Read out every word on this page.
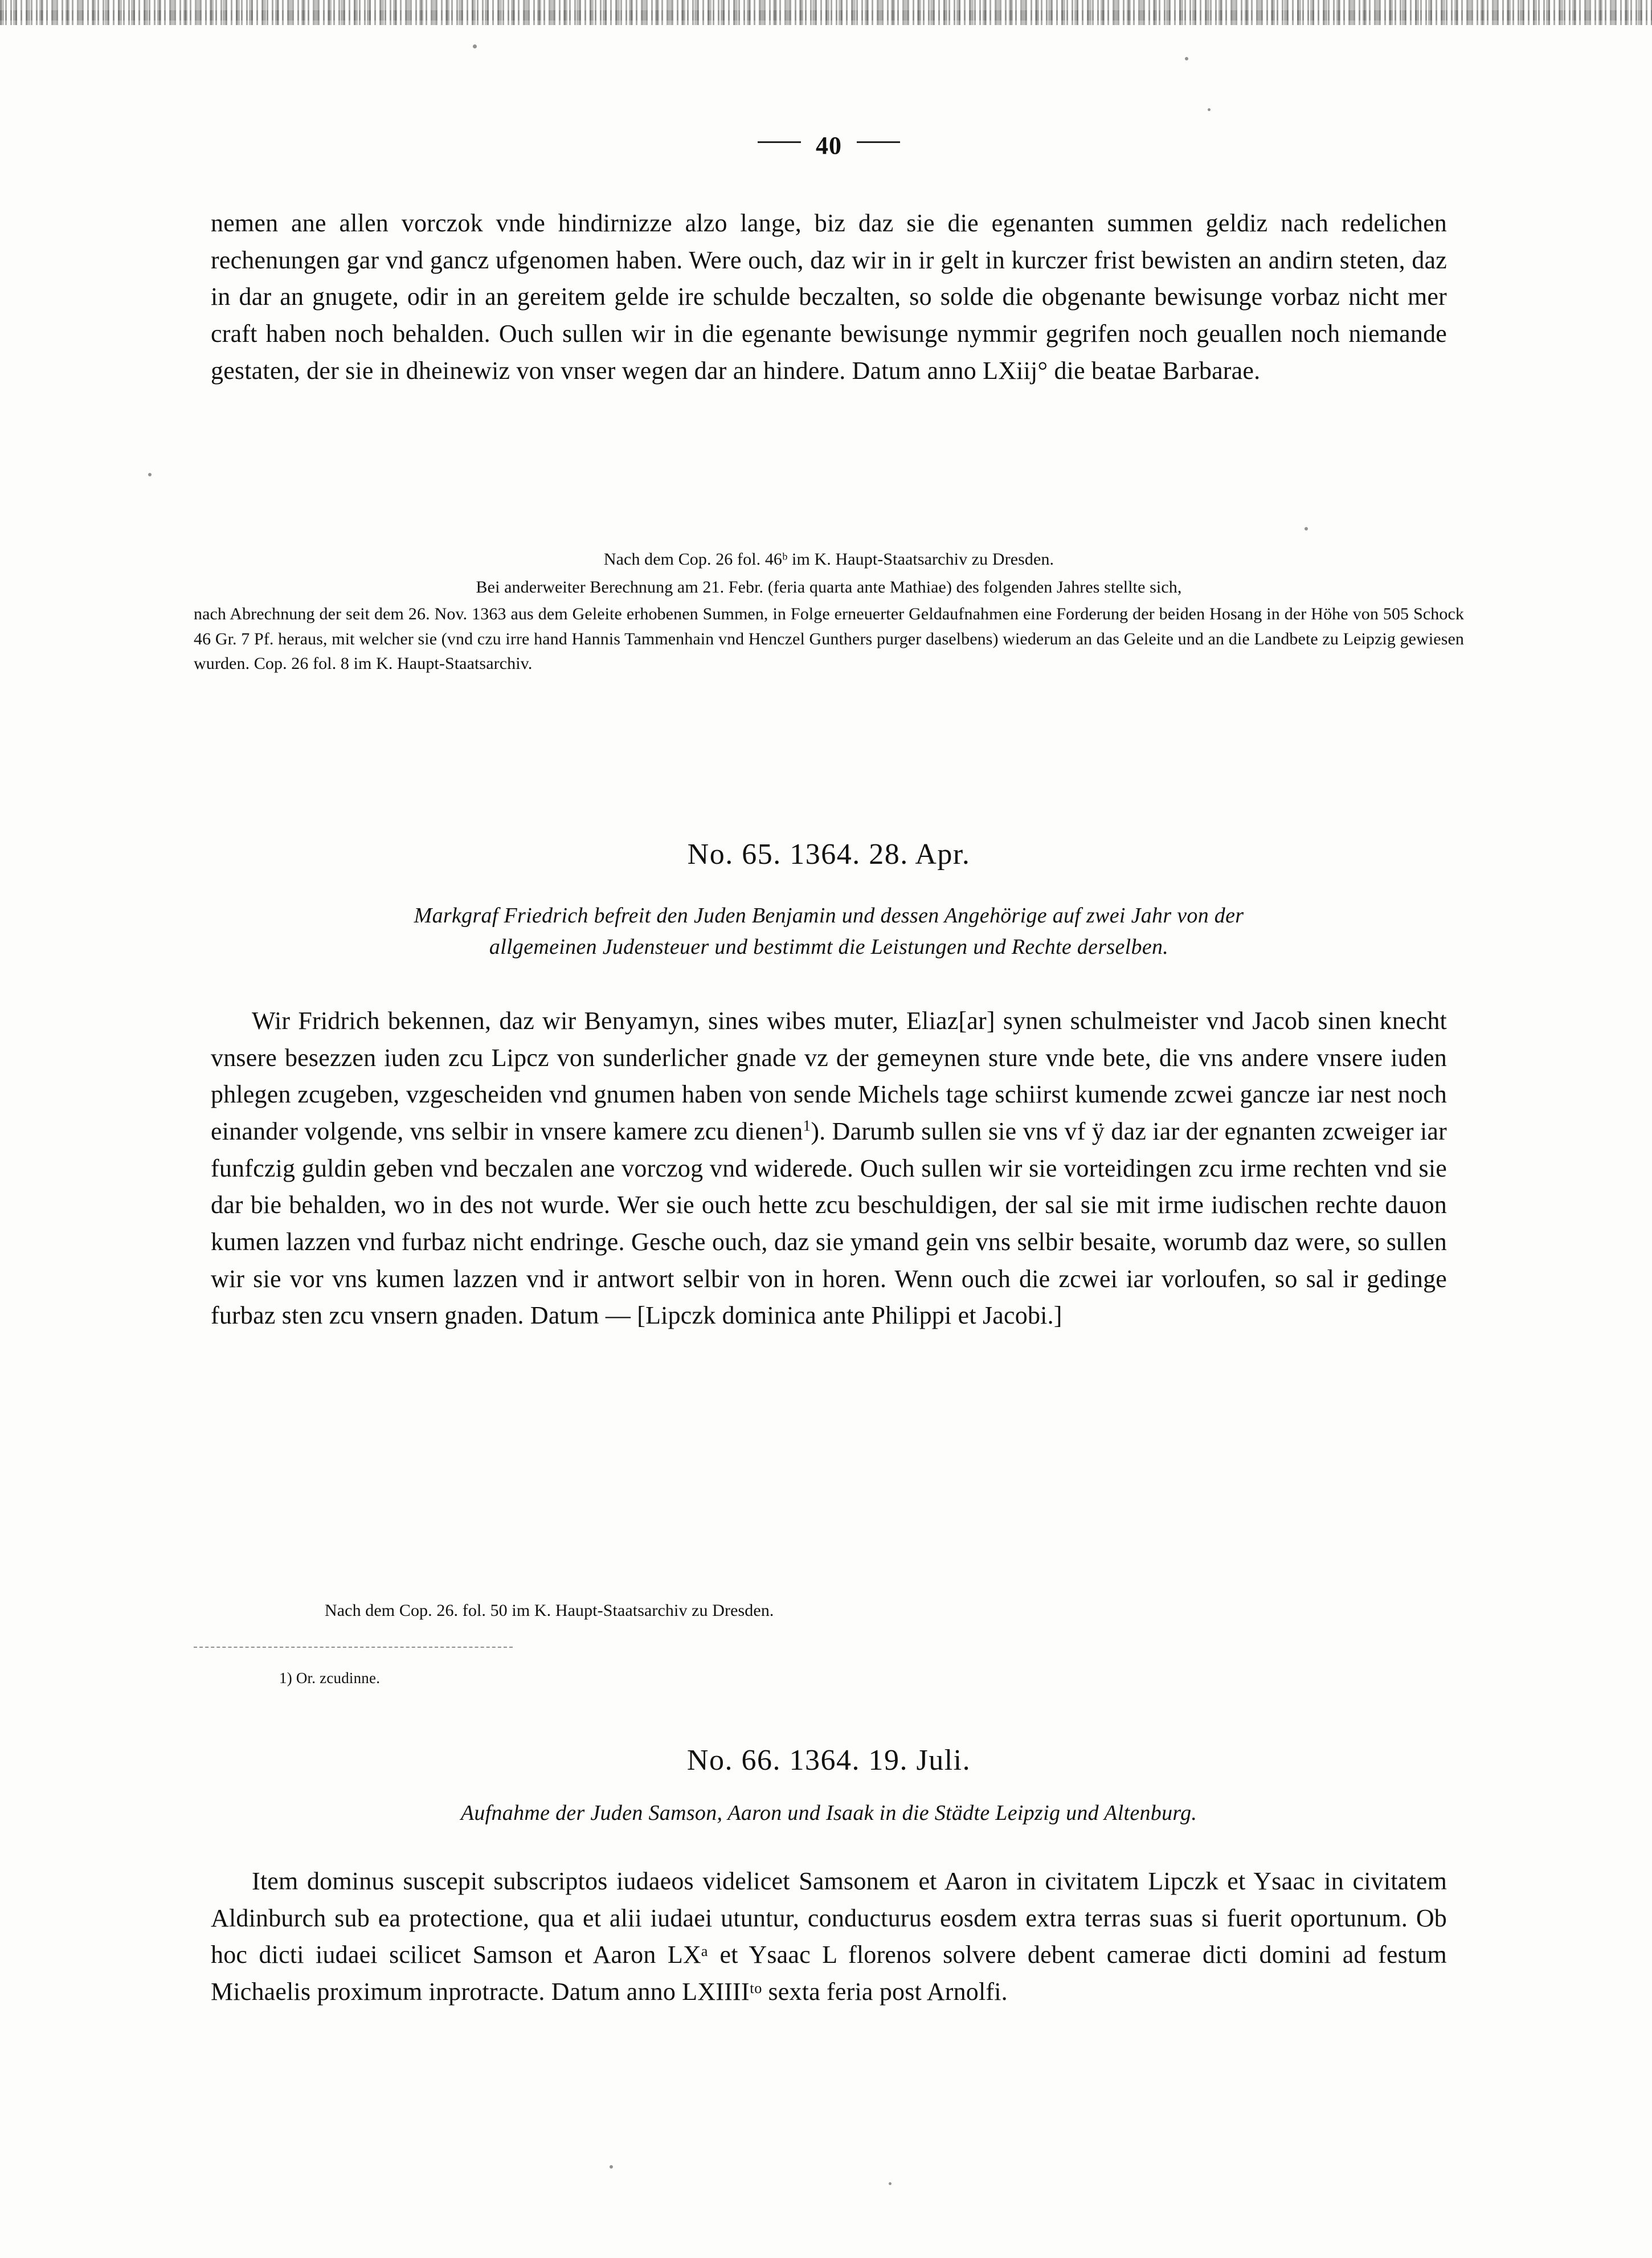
40

nemen ane allen vorczok vnde hindirnizze alzo lange, biz daz sie die egenanten summen geldiz nach redelichen rechenungen gar vnd gancz ufgenomen haben. Were ouch, daz wir in ir gelt in kurczer frist bewisten an andirn steten, daz in dar an gnugete, odir in an gereitem gelde ire schulde beczalten, so solde die obgenante bewisunge vorbaz nicht mer craft haben noch behalden. Ouch sullen wir in die egenante bewisunge nymmir gegrifen noch geuallen noch niemande gestaten, der sie in dheinewiz von vnser wegen dar an hindere. Datum anno LXiij° die beatae Barbarae.

Nach dem Cop. 26 fol. 46ᵇ im K. Haupt-Staatsarchiv zu Dresden.
Bei anderweiter Berechnung am 21. Febr. (feria quarta ante Mathiae) des folgenden Jahres stellte sich,
nach Abrechnung der seit dem 26. Nov. 1363 aus dem Geleite erhobenen Summen, in Folge erneuerter Geldaufnahmen eine Forderung der beiden Hosang in der Höhe von 505 Schock 46 Gr. 7 Pf. heraus, mit welcher sie (vnd czu irre hand Hannis Tammenhain vnd Henczel Gunthers purger daselbens) wiederum an das Geleite und an die Landbete zu Leipzig gewiesen wurden. Cop. 26 fol. 8 im K. Haupt-Staatsarchiv.
No. 65. 1364. 28. Apr.
Markgraf Friedrich befreit den Juden Benjamin und dessen Angehörige auf zwei Jahr von der
allgemeinen Judensteuer und bestimmt die Leistungen und Rechte derselben.

Wir Fridrich bekennen, daz wir Benyamyn, sines wibes muter, Eliaz[ar] synen schulmeister vnd Jacob sinen knecht vnsere besezzen iuden zcu Lipcz von sunderlicher gnade vz der gemeynen sture vnde bete, die vns andere vnsere iuden phlegen zcugeben, vzgescheiden vnd gnumen haben von sende Michels tage schiirst kumende zcwei gancze iar nest noch einander volgende, vns selbir in vnsere kamere zcu dienen$^1$). Darumb sullen sie vns vf ÿ daz iar der egnanten zcweiger iar funfczig guldin geben vnd beczalen ane vorczog vnd widerede. Ouch sullen wir sie vorteidingen zcu irme rechten vnd sie dar bie behalden, wo in des not wurde. Wer sie ouch hette zcu beschuldigen, der sal sie mit irme iudischen rechte dauon kumen lazzen vnd furbaz nicht endringe. Gesche ouch, daz sie ymand gein vns selbir besaite, worumb daz were, so sullen wir sie vor vns kumen lazzen vnd ir antwort selbir von in horen. Wenn ouch die zcwei iar vorloufen, so sal ir gedinge furbaz sten zcu vnsern gnaden. Datum — [Lipczk dominica ante Philippi et Jacobi.]

Nach dem Cop. 26. fol. 50 im K. Haupt-Staatsarchiv zu Dresden.
1) Or. zcudinne.
No. 66. 1364. 19. Juli.
Aufnahme der Juden Samson, Aaron und Isaak in die Städte Leipzig und Altenburg.

Item dominus suscepit subscriptos iudaeos videlicet Samsonem et Aaron in civitatem Lipczk et Ysaac in civitatem Aldinburch sub ea protectione, qua et alii iudaei utuntur, conducturus eosdem extra terras suas si fuerit oportunum. Ob hoc dicti iudaei scilicet Samson et Aaron LXᵃ et Ysaac L florenos solvere debent camerae dicti domini ad festum Michaelis proximum inprotracte. Datum anno LXIIIIᵗᵒ sexta feria post Arnolfi.
